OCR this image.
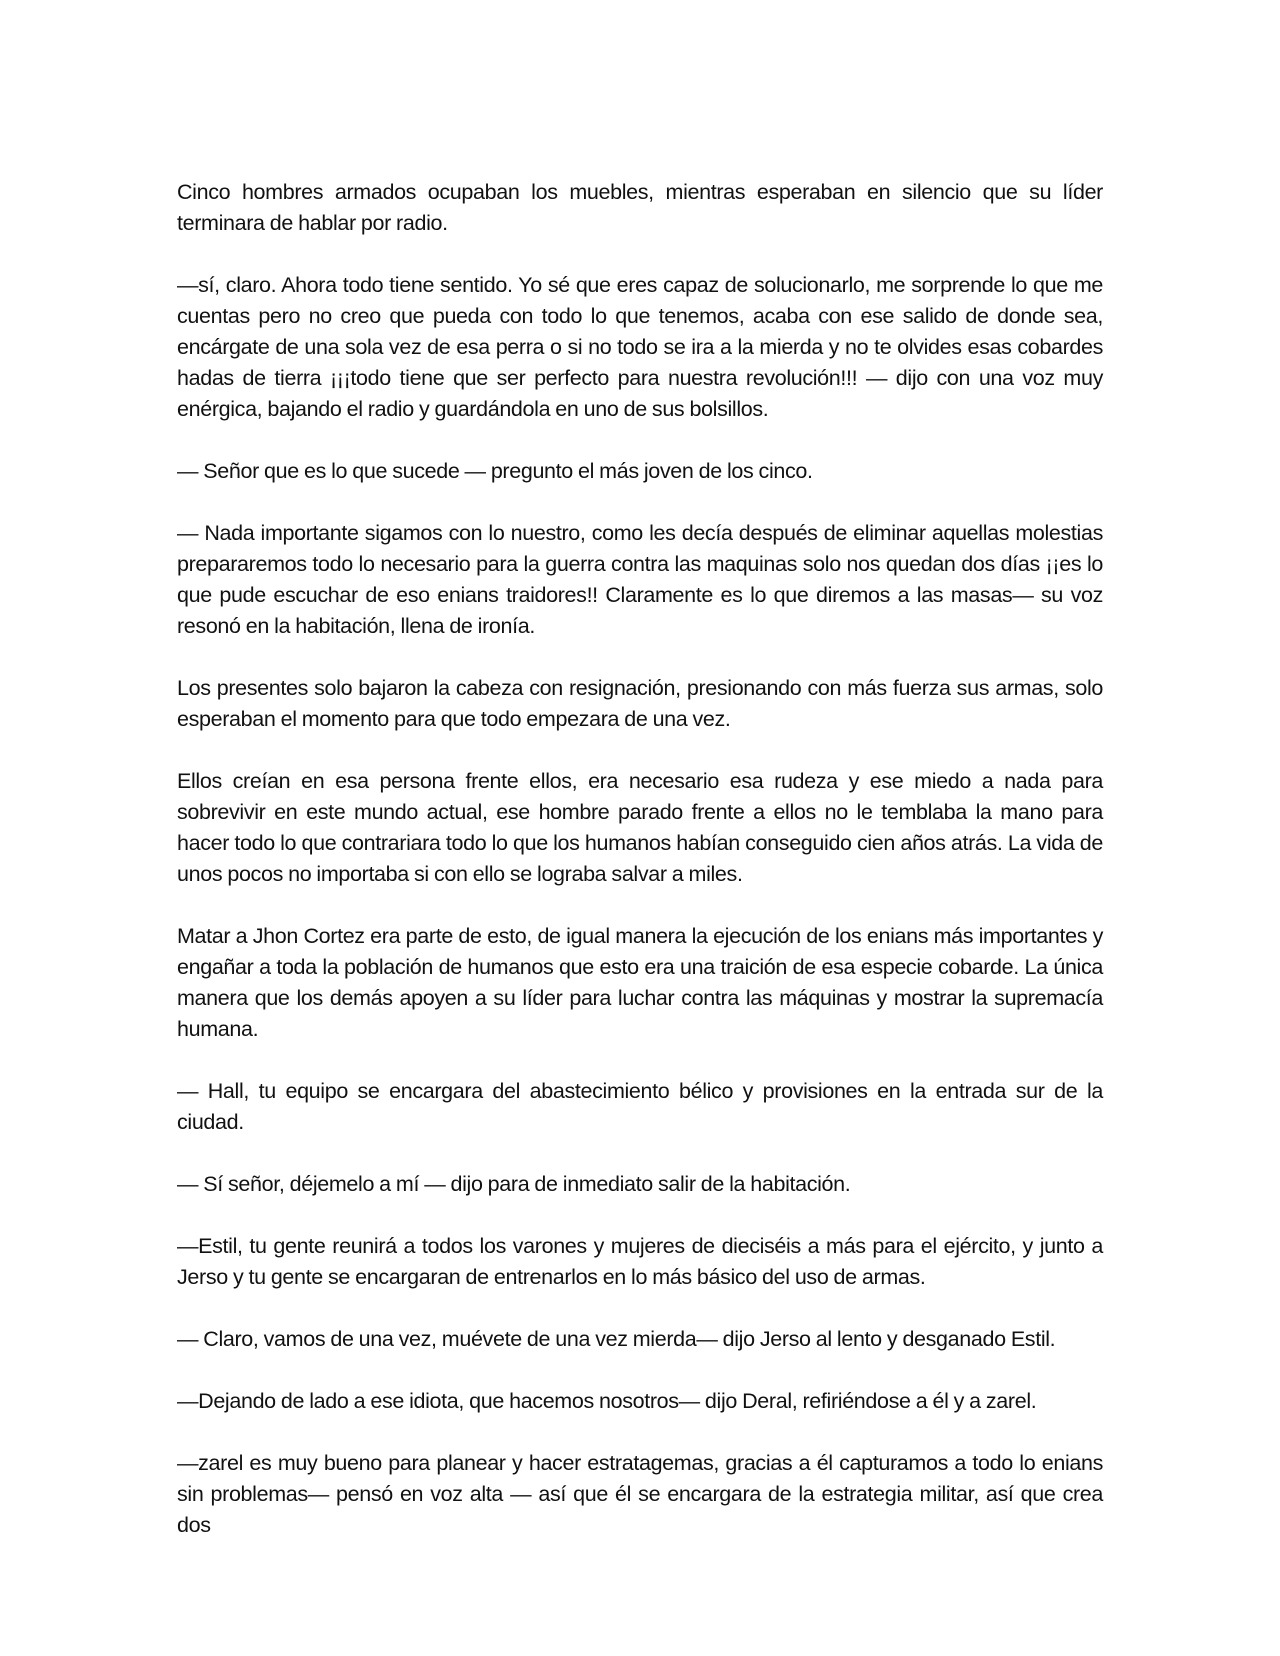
Cinco hombres armados ocupaban los muebles, mientras esperaban en silencio que su líder terminara de hablar por radio.

—sí, claro. Ahora todo tiene sentido. Yo sé que eres capaz de solucionarlo, me sorprende lo que me cuentas pero no creo que pueda con todo lo que tenemos, acaba con ese salido de donde sea, encárgate de una sola vez de esa perra o si no todo se ira a la mierda y no te olvides esas cobardes hadas de tierra ¡¡¡todo tiene que ser perfecto para nuestra revolución!!! — dijo con una voz muy enérgica, bajando el radio y guardándola en uno de sus bolsillos.

— Señor que es lo que sucede — pregunto el más joven de los cinco.

— Nada importante sigamos con lo nuestro, como les decía después de eliminar aquellas molestias prepararemos todo lo necesario para la guerra contra las maquinas solo nos quedan dos días ¡¡es lo que pude escuchar de eso enians traidores!! Claramente es lo que diremos a las masas— su voz resonó en la habitación, llena de ironía.

Los presentes solo bajaron la cabeza con resignación, presionando con más fuerza sus armas, solo esperaban el momento para que todo empezara de una vez.

Ellos creían en esa persona frente ellos, era necesario esa rudeza y ese miedo a nada para sobrevivir en este mundo actual, ese hombre parado frente a ellos no le temblaba la mano para hacer todo lo que contrariara todo lo que los humanos habían conseguido cien años atrás. La vida de unos pocos no importaba si con ello se lograba salvar a miles.

Matar a Jhon Cortez era parte de esto, de igual manera la ejecución de los enians más importantes y engañar a toda la población de humanos que esto era una traición de esa especie cobarde. La única manera que los demás apoyen a su líder para luchar contra las máquinas y mostrar la supremacía humana.

— Hall, tu equipo se encargara del abastecimiento bélico y provisiones en la entrada sur de la ciudad.

— Sí señor, déjemelo a mí — dijo para de inmediato salir de la habitación.

—Estil, tu gente reunirá a todos los varones y mujeres de dieciséis a más para el ejército, y junto a Jerso y tu gente se encargaran de entrenarlos en lo más básico del uso de armas.

— Claro, vamos de una vez, muévete de una vez mierda— dijo Jerso al lento y desganado Estil.

—Dejando de lado a ese idiota, que hacemos nosotros— dijo Deral, refiriéndose a él y a zarel.

—zarel es muy bueno para planear y hacer estratagemas, gracias a él capturamos a todo lo enians sin problemas— pensó en voz alta — así que él se encargara de la estrategia militar, así que crea dos
